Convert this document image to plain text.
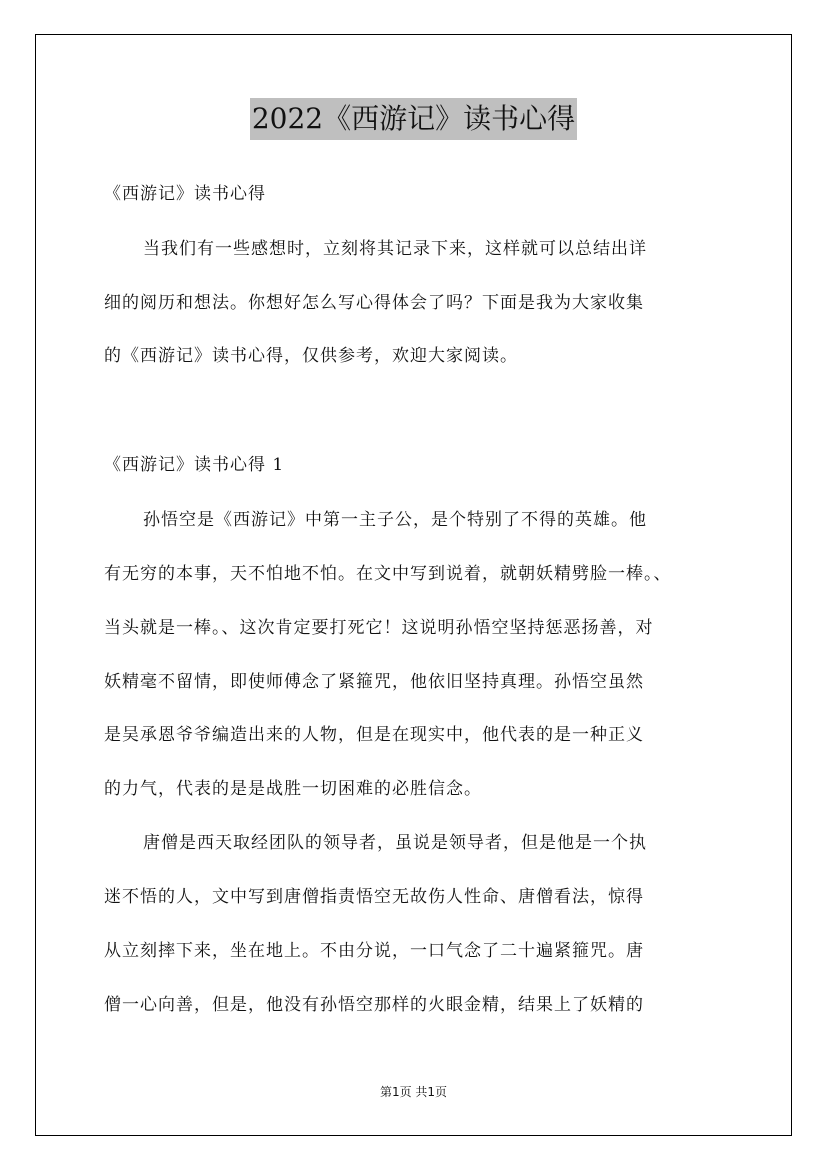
2022《西游记》读书心得
《西游记》读书心得
当我们有一些感想时，立刻将其记录下来，这样就可以总结出详
细的阅历和想法。你想好怎么写心得体会了吗？下面是我为大家收集
的《西游记》读书心得，仅供参考，欢迎大家阅读。
《西游记》读书心得 1
孙悟空是《西游记》中第一主子公，是个特别了不得的英雄。他
有无穷的本事，天不怕地不怕。在文中写到说着，就朝妖精劈脸一棒。、
当头就是一棒。、这次肯定要打死它！这说明孙悟空坚持惩恶扬善，对
妖精毫不留情，即使师傅念了紧箍咒，他依旧坚持真理。孙悟空虽然
是吴承恩爷爷编造出来的人物，但是在现实中，他代表的是一种正义
的力气，代表的是是战胜一切困难的必胜信念。
唐僧是西天取经团队的领导者，虽说是领导者，但是他是一个执
迷不悟的人，文中写到唐僧指责悟空无故伤人性命、唐僧看法，惊得
从立刻摔下来，坐在地上。不由分说，一口气念了二十遍紧箍咒。唐
僧一心向善，但是，他没有孙悟空那样的火眼金精，结果上了妖精的
第1页 共1页
